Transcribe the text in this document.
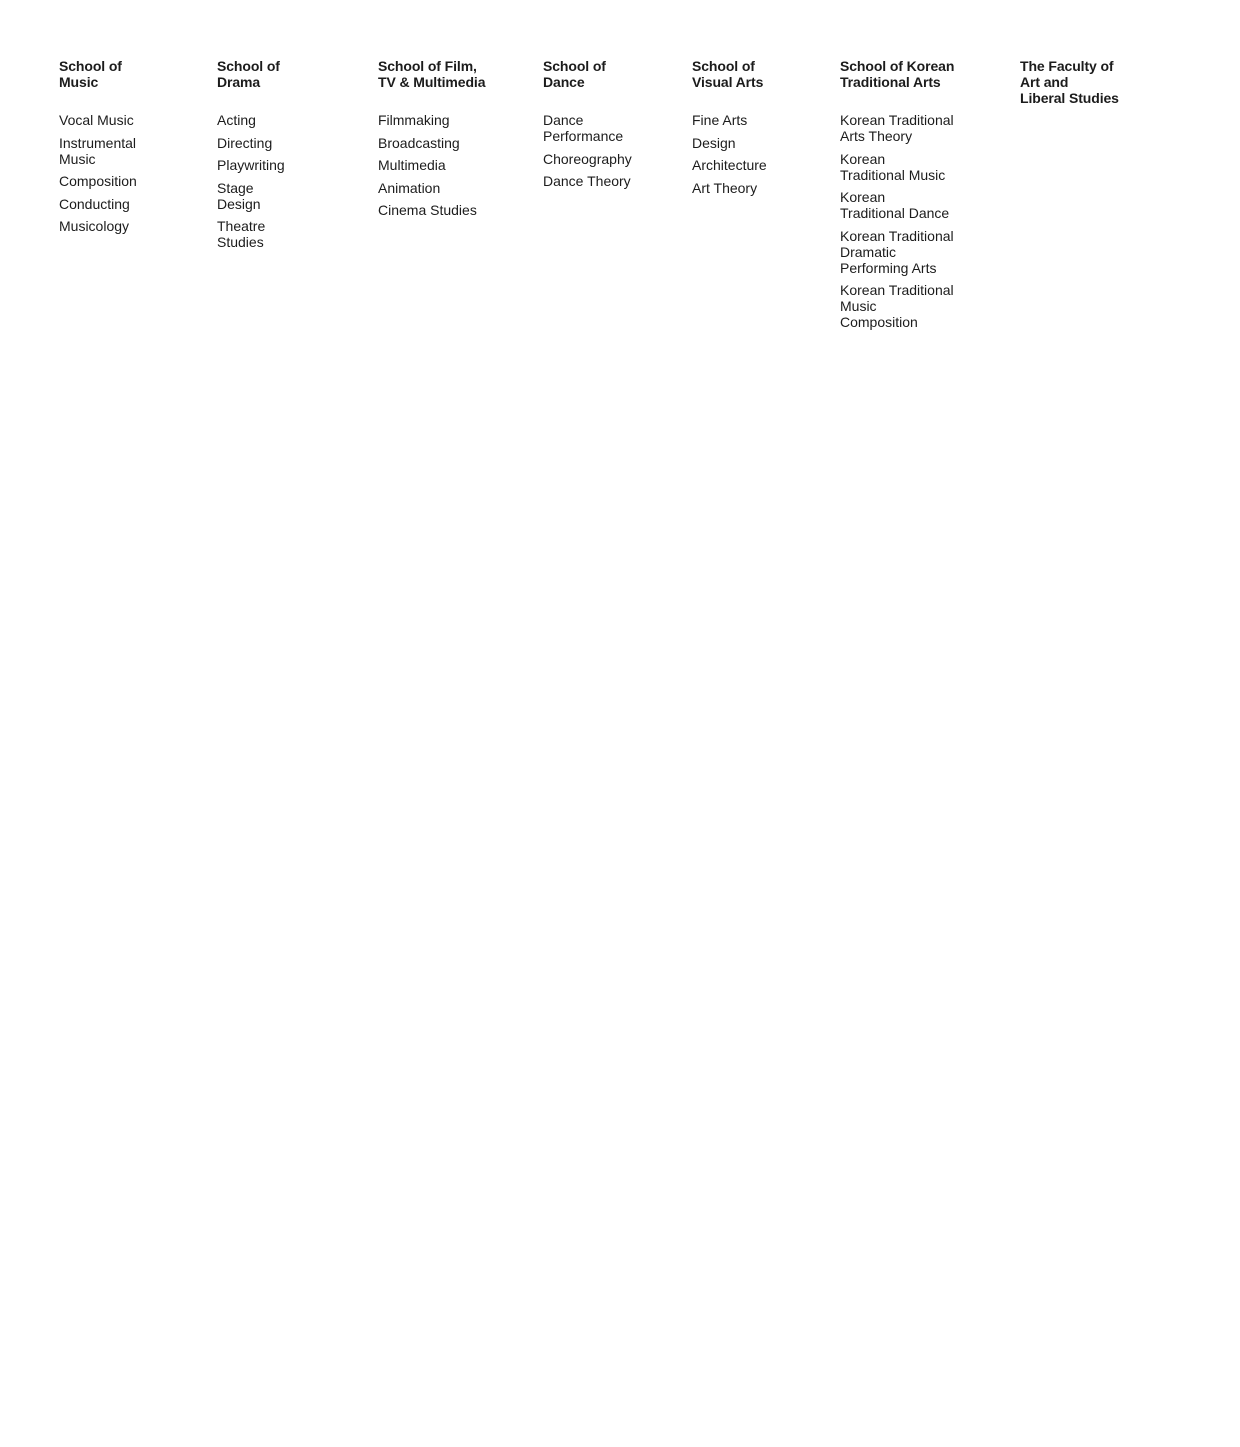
School of
Music
Vocal Music
Instrumental
Music
Composition
Conducting
Musicology
School of
Drama
Acting
Directing
Playwriting
Stage Design
Theatre Studies
School of Film,
TV & Multimedia
Filmmaking
Broadcasting
Multimedia
Animation
Cinema Studies
School of
Dance
Dance
Performance
Choreography
Dance Theory
School of
Visual Arts
Fine Arts
Design
Architecture
Art Theory
School of Korean
Traditional Arts
Korean Traditional
Arts Theory
Korean
Traditional Music
Korean
Traditional Dance
Korean Traditional
Dramatic
Performing Arts
Korean Traditional
Music Composition
The Faculty of
Art and
Liberal Studies
